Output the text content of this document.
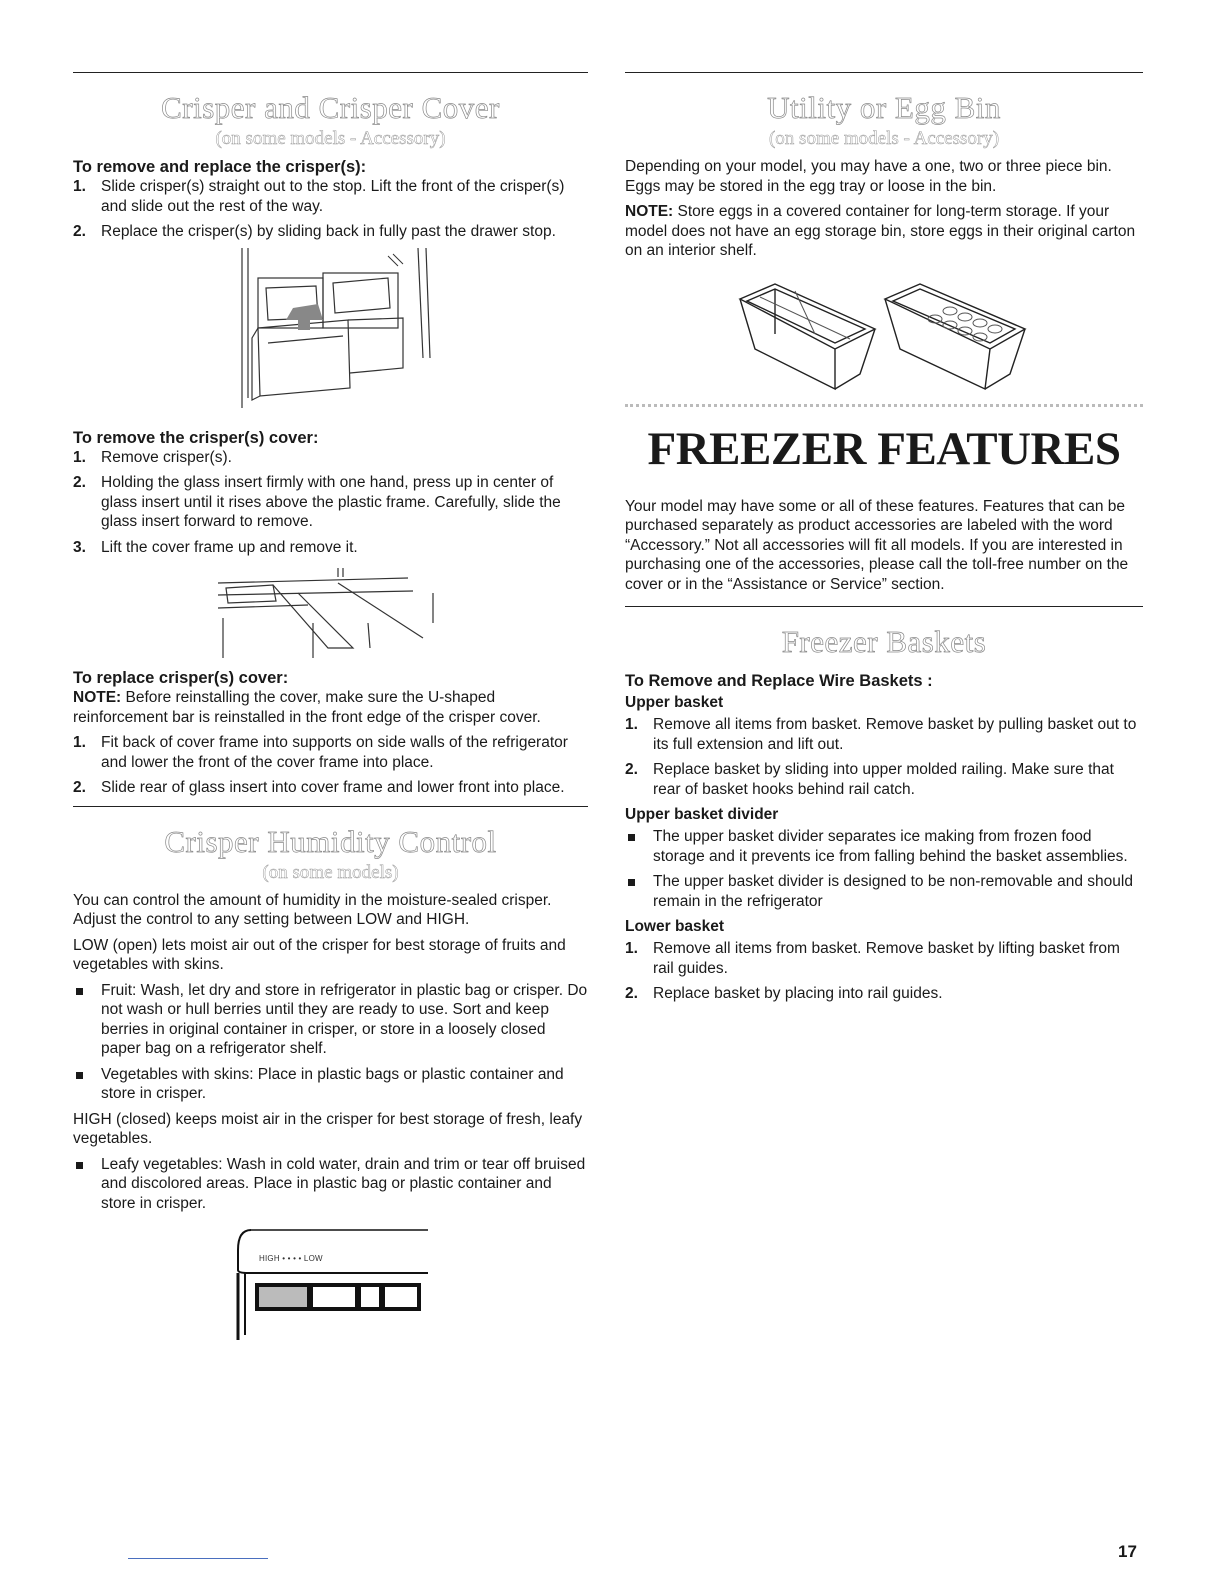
Crisper and Crisper Cover
(on some models - Accessory)
To remove and replace the crisper(s):
1. Slide crisper(s) straight out to the stop. Lift the front of the crisper(s) and slide out the rest of the way.
2. Replace the crisper(s) by sliding back in fully past the drawer stop.
To remove the crisper(s) cover:
1. Remove crisper(s).
2. Holding the glass insert firmly with one hand, press up in center of glass insert until it rises above the plastic frame. Carefully, slide the glass insert forward to remove.
3. Lift the cover frame up and remove it.
To replace crisper(s) cover:

NOTE: Before reinstalling the cover, make sure the U-shaped reinforcement bar is reinstalled in the front edge of the crisper cover.

1. Fit back of cover frame into supports on side walls of the refrigerator and lower the front of the cover frame into place.
2. Slide rear of glass insert into cover frame and lower front into place.
Crisper Humidity Control
(on some models)

You can control the amount of humidity in the moisture-sealed crisper. Adjust the control to any setting between LOW and HIGH.

LOW (open) lets moist air out of the crisper for best storage of fruits and vegetables with skins.

Fruit: Wash, let dry and store in refrigerator in plastic bag or crisper. Do not wash or hull berries until they are ready to use. Sort and keep berries in original container in crisper, or store in a loosely closed paper bag on a refrigerator shelf.
Vegetables with skins: Place in plastic bags or plastic container and store in crisper.

HIGH (closed) keeps moist air in the crisper for best storage of fresh, leafy vegetables.

Leafy vegetables: Wash in cold water, drain and trim or tear off bruised and discolored areas. Place in plastic bag or plastic container and store in crisper.
HIGH • • • • LOW
Utility or Egg Bin
(on some models - Accessory)

Depending on your model, you may have a one, two or three piece bin. Eggs may be stored in the egg tray or loose in the bin.

NOTE: Store eggs in a covered container for long-term storage. If your model does not have an egg storage bin, store eggs in their original carton on an interior shelf.

FREEZER FEATURES

Your model may have some or all of these features. Features that can be purchased separately as product accessories are labeled with the word “Accessory.” Not all accessories will fit all models. If you are interested in purchasing one of the accessories, please call the toll-free number on the cover or in the “Assistance or Service” section.

Freezer Baskets
To Remove and Replace Wire Baskets :
Upper basket
1. Remove all items from basket. Remove basket by pulling basket out to its full extension and lift out.
2. Replace basket by sliding into upper molded railing. Make sure that rear of basket hooks behind rail catch.
Upper basket divider
The upper basket divider separates ice making from frozen food storage and it prevents ice from falling behind the basket assemblies.
The upper basket divider is designed to be non-removable and should remain in the refrigerator
Lower basket
1. Remove all items from basket. Remove basket by lifting basket from rail guides.
2. Replace basket by placing into rail guides.
17
